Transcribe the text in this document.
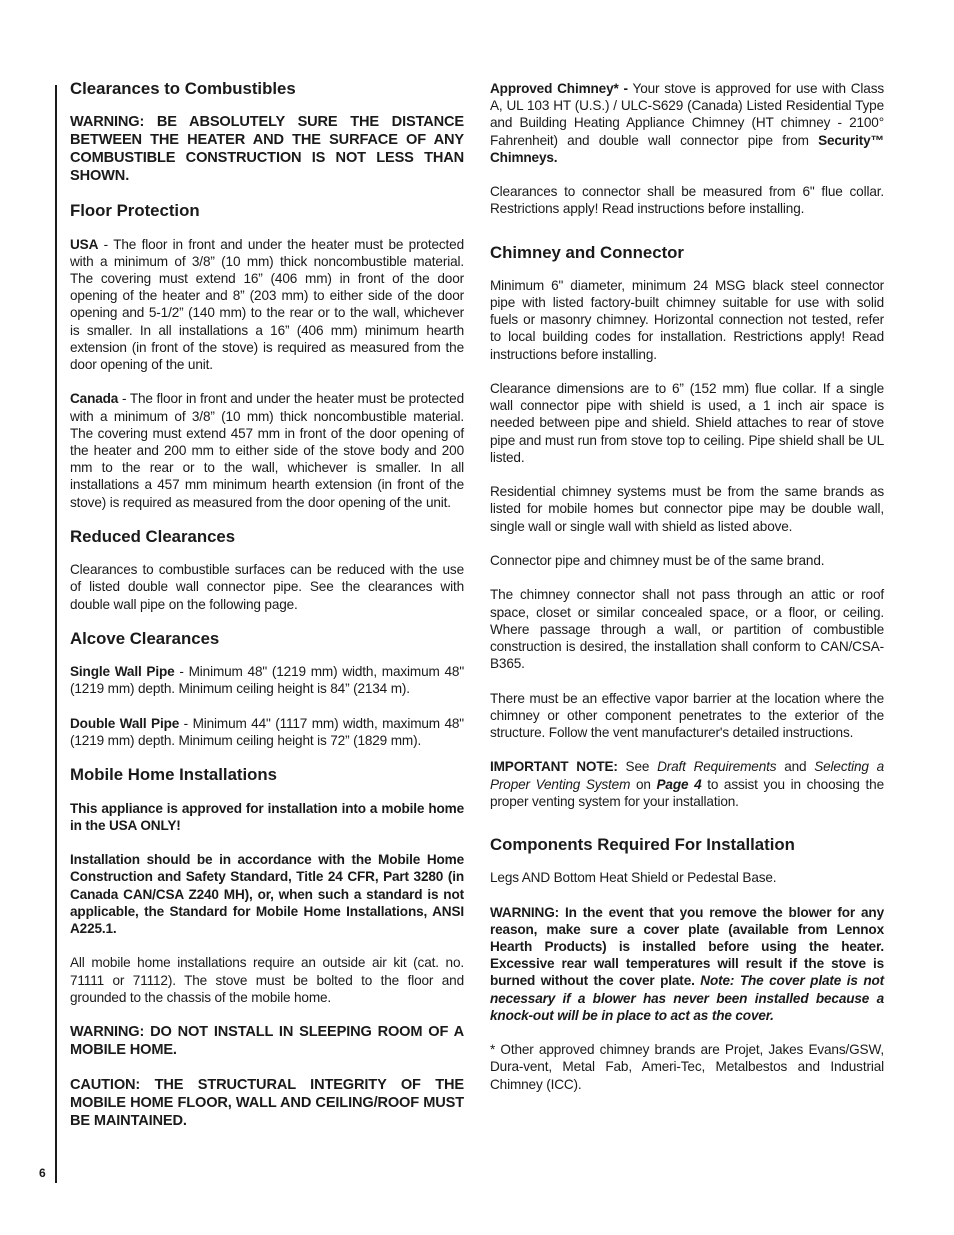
6
Clearances to Combustibles

WARNING: BE ABSOLUTELY SURE THE DISTANCE BETWEEN THE HEATER AND THE SURFACE OF ANY COMBUSTIBLE CONSTRUCTION IS NOT LESS THAN SHOWN.

Floor Protection

USA - The floor in front and under the heater must be protected with a minimum of 3/8” (10 mm) thick noncombustible material. The covering must extend 16” (406 mm) in front of the door opening of the heater and 8” (203 mm) to either side of the door opening and 5-1/2” (140 mm) to the rear or to the wall, whichever is smaller. In all installations a 16” (406 mm) minimum hearth extension (in front of the stove) is required as measured from the door opening of the unit.

Canada - The floor in front and under the heater must be protected with a minimum of 3/8” (10 mm) thick noncombustible material. The covering must extend 457 mm in front of the door opening of the heater and 200 mm to either side of the stove body and 200 mm to the rear or to the wall, whichever is smaller. In all installations a 457 mm minimum hearth extension (in front of the stove) is required as measured from the door opening of the unit.

Reduced Clearances

Clearances to combustible surfaces can be reduced with the use of listed double wall connector pipe. See the clearances with double wall pipe on the following page.

Alcove Clearances

Single Wall Pipe - Minimum 48" (1219 mm) width, maximum 48" (1219 mm) depth. Minimum ceiling height is 84” (2134 m).

Double Wall Pipe - Minimum 44" (1117 mm) width, maximum 48" (1219 mm) depth. Minimum ceiling height is 72” (1829 mm).

Mobile Home Installations

This appliance is approved for installation into a mobile home in the USA ONLY!

Installation should be in accordance with the Mobile Home Construction and Safety Standard, Title 24 CFR, Part 3280 (in Canada CAN/CSA Z240 MH), or, when such a standard is not applicable, the Standard for Mobile Home Installations, ANSI A225.1.

All mobile home installations require an outside air kit (cat. no. 71111 or 71112). The stove must be bolted to the floor and grounded to the chassis of the mobile home.

WARNING: DO NOT INSTALL IN SLEEPING ROOM OF A MOBILE HOME.

CAUTION: THE STRUCTURAL INTEGRITY OF THE MOBILE HOME FLOOR, WALL AND CEILING/ROOF MUST BE MAINTAINED.

Approved Chimney* - Your stove is approved for use with Class A, UL 103 HT (U.S.) / ULC-S629 (Canada) Listed Residential Type and Building Heating Appliance Chimney (HT chimney - 2100° Fahrenheit) and double wall connector pipe from Security™ Chimneys.

Clearances to connector shall be measured from 6" flue collar. Restrictions apply! Read instructions before installing.

Chimney and Connector

Minimum 6" diameter, minimum 24 MSG black steel connector pipe with listed factory-built chimney suitable for use with solid fuels or masonry chimney. Horizontal connection not tested, refer to local building codes for installation. Restrictions apply! Read instructions before installing.

Clearance dimensions are to 6” (152 mm) flue collar. If a single wall connector pipe with shield is used, a 1 inch air space is needed between pipe and shield. Shield attaches to rear of stove pipe and must run from stove top to ceiling. Pipe shield shall be UL listed.

Residential chimney systems must be from the same brands as listed for mobile homes but connector pipe may be double wall, single wall or single wall with shield as listed above.

Connector pipe and chimney must be of the same brand.

The chimney connector shall not pass through an attic or roof space, closet or similar concealed space, or a floor, or ceiling. Where passage through a wall, or partition of combustible construction is desired, the installation shall conform to CAN/CSA-B365.

There must be an effective vapor barrier at the location where the chimney or other component penetrates to the exterior of the structure. Follow the vent manufacturer's detailed instructions.

IMPORTANT NOTE: See Draft Requirements and Selecting a Proper Venting System on Page 4 to assist you in choosing the proper venting system for your installation.

Components Required For Installation

Legs AND Bottom Heat Shield or Pedestal Base.

WARNING: In the event that you remove the blower for any reason, make sure a cover plate (available from Lennox Hearth Products) is installed before using the heater. Excessive rear wall temperatures will result if the stove is burned without the cover plate. Note: The cover plate is not necessary if a blower has never been installed because a knock-out will be in place to act as the cover.

* Other approved chimney brands are Projet, Jakes Evans/GSW, Dura-vent, Metal Fab, Ameri-Tec, Metalbestos and Industrial Chimney (ICC).
